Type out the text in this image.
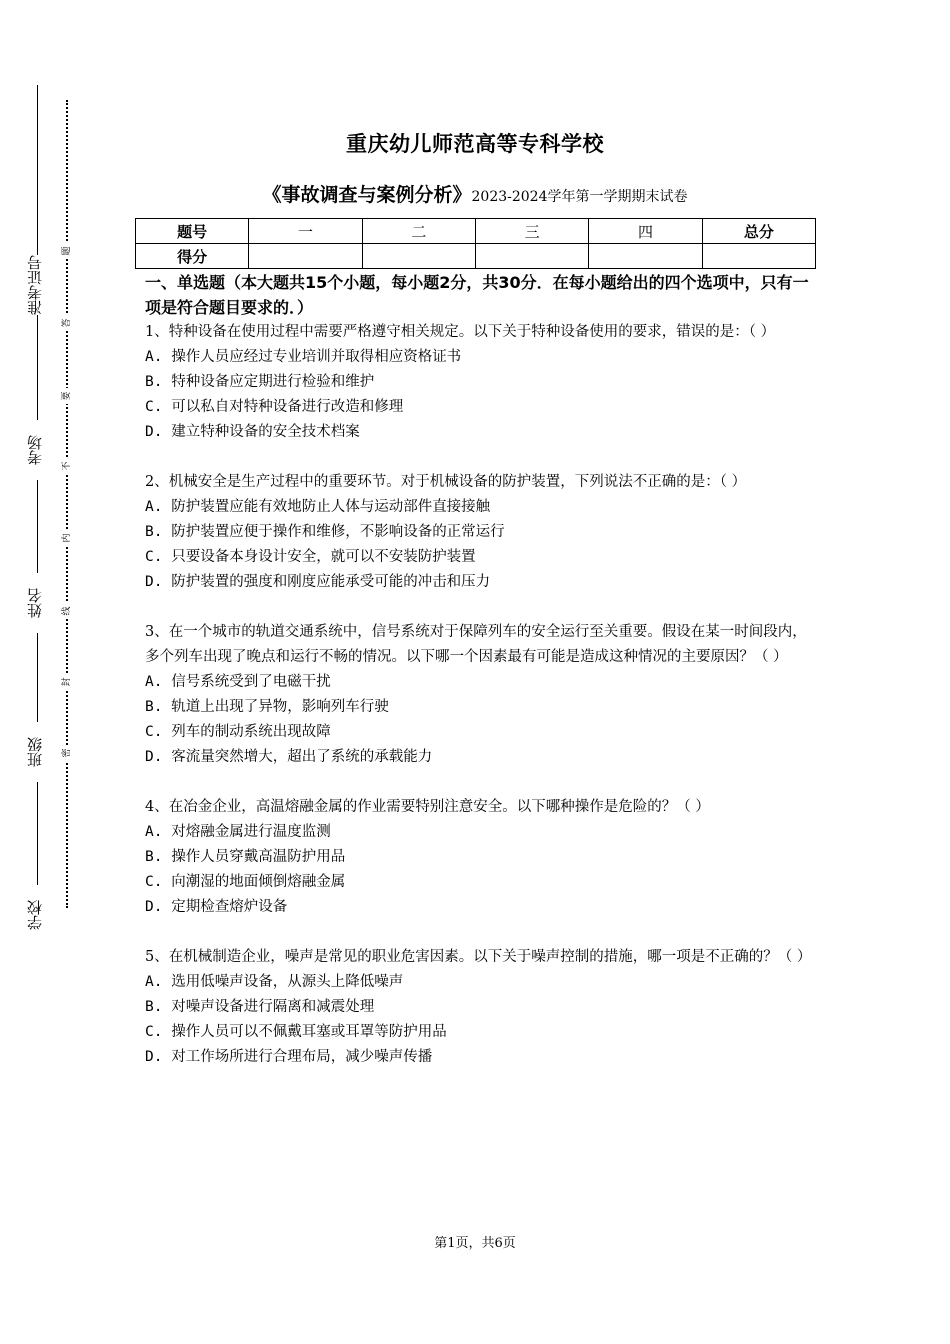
准考证号
考场
姓名
班级
学校
题
答
要
不
内
线
封
密
重庆幼儿师范高等专科学校
《事故调查与案例分析》2023-2024学年第一学期期末试卷
题号	一	二	三	四	总分
得分					
一、单选题（本大题共15个小题，每小题2分，共30分．在每小题给出的四个选项中，只有一项是符合题目要求的．）
1、特种设备在使用过程中需要严格遵守相关规定。以下关于特种设备使用的要求，错误的是：（ ）
A. 操作人员应经过专业培训并取得相应资格证书
B. 特种设备应定期进行检验和维护
C. 可以私自对特种设备进行改造和修理
D. 建立特种设备的安全技术档案
2、机械安全是生产过程中的重要环节。对于机械设备的防护装置，下列说法不正确的是：（ ）
A. 防护装置应能有效地防止人体与运动部件直接接触
B. 防护装置应便于操作和维修，不影响设备的正常运行
C. 只要设备本身设计安全，就可以不安装防护装置
D. 防护装置的强度和刚度应能承受可能的冲击和压力
3、在一个城市的轨道交通系统中，信号系统对于保障列车的安全运行至关重要。假设在某一时间段内，多个列车出现了晚点和运行不畅的情况。以下哪一个因素最有可能是造成这种情况的主要原因？（ ）
A. 信号系统受到了电磁干扰
B. 轨道上出现了异物，影响列车行驶
C. 列车的制动系统出现故障
D. 客流量突然增大，超出了系统的承载能力
4、在冶金企业，高温熔融金属的作业需要特别注意安全。以下哪种操作是危险的？（ ）
A. 对熔融金属进行温度监测
B. 操作人员穿戴高温防护用品
C. 向潮湿的地面倾倒熔融金属
D. 定期检查熔炉设备
5、在机械制造企业，噪声是常见的职业危害因素。以下关于噪声控制的措施，哪一项是不正确的？（ ）
A. 选用低噪声设备，从源头上降低噪声
B. 对噪声设备进行隔离和减震处理
C. 操作人员可以不佩戴耳塞或耳罩等防护用品
D. 对工作场所进行合理布局，减少噪声传播
第1页，共6页
